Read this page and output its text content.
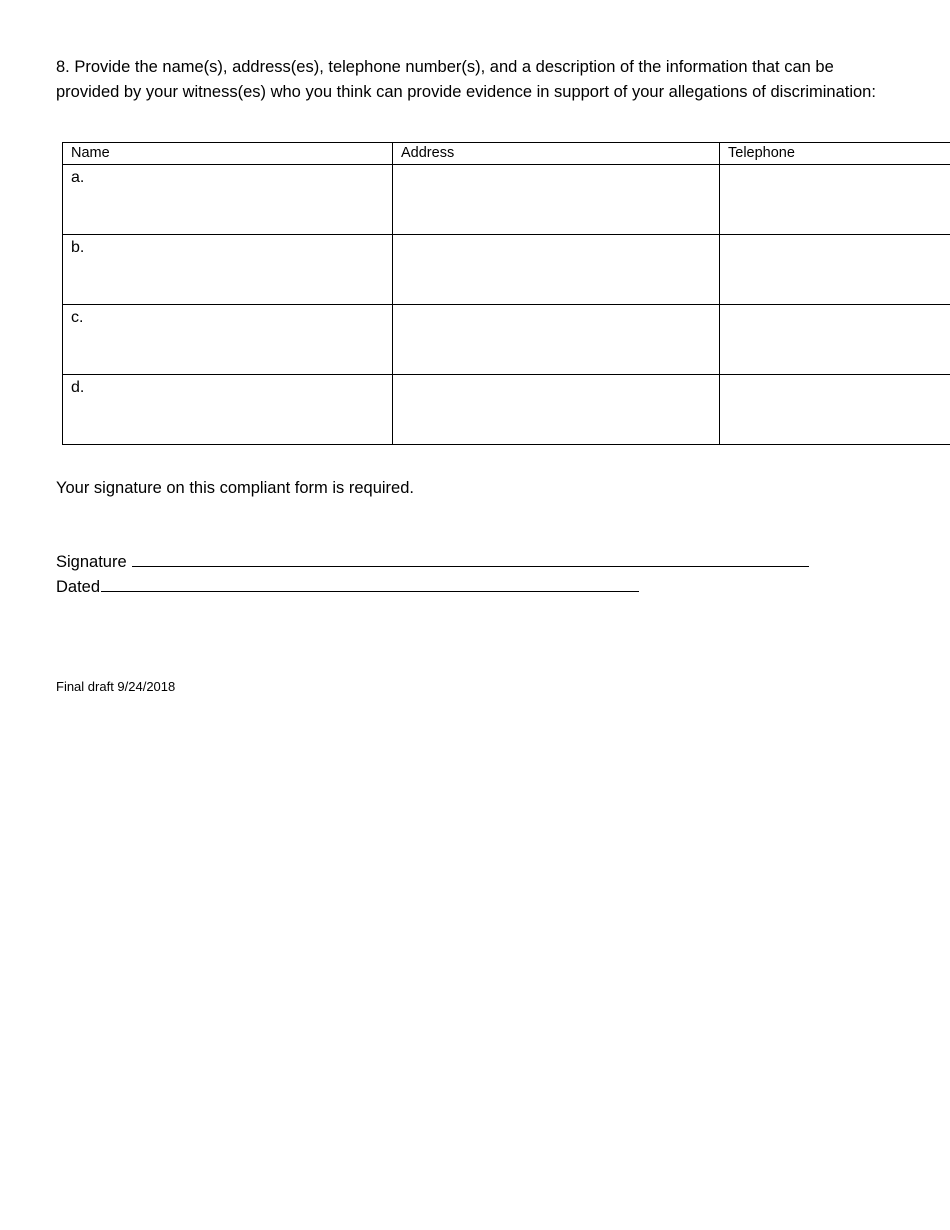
8. Provide the name(s), address(es), telephone number(s), and a description of the information that can be provided by your witness(es) who you think can provide evidence in support of your allegations of discrimination:

Name	Address	Telephone
a.		
b.		
c.		
d.		

Your signature on this compliant form is required.

Signature

Dated

Final draft 9/24/2018
